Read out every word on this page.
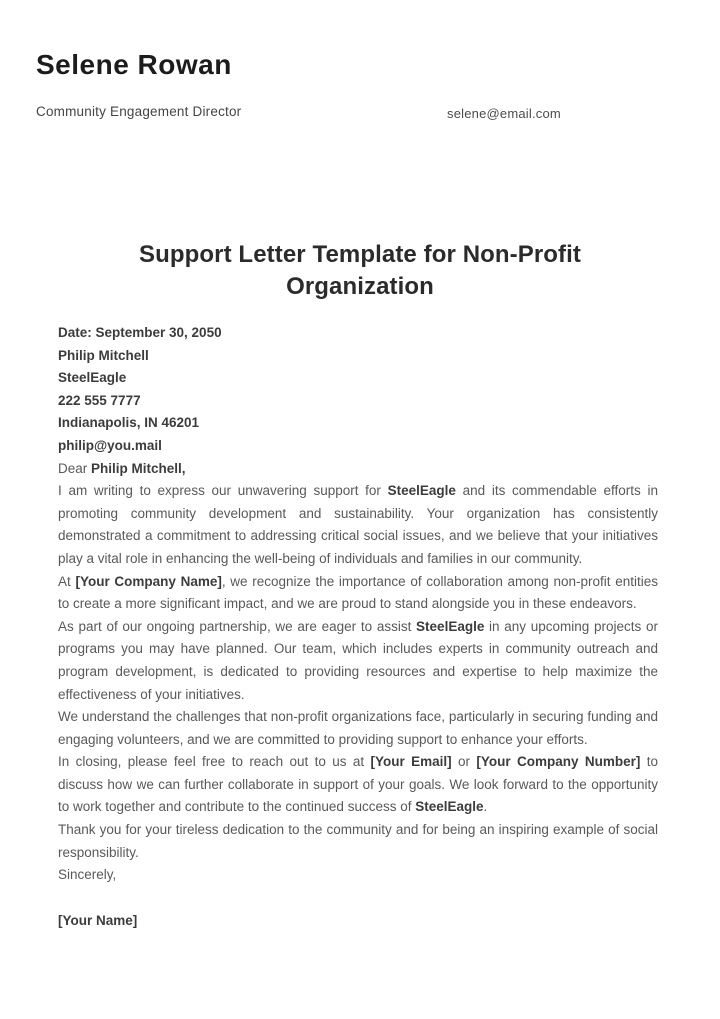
Selene Rowan
Community Engagement Director	selene@email.com
Support Letter Template for Non-Profit Organization
Date: September 30, 2050
Philip Mitchell
SteelEagle
222 555 7777
Indianapolis, IN 46201
philip@you.mail

Dear Philip Mitchell,

I am writing to express our unwavering support for SteelEagle and its commendable efforts in promoting community development and sustainability. Your organization has consistently demonstrated a commitment to addressing critical social issues, and we believe that your initiatives play a vital role in enhancing the well-being of individuals and families in our community.

At [Your Company Name], we recognize the importance of collaboration among non-profit entities to create a more significant impact, and we are proud to stand alongside you in these endeavors.

As part of our ongoing partnership, we are eager to assist SteelEagle in any upcoming projects or programs you may have planned. Our team, which includes experts in community outreach and program development, is dedicated to providing resources and expertise to help maximize the effectiveness of your initiatives.

We understand the challenges that non-profit organizations face, particularly in securing funding and engaging volunteers, and we are committed to providing support to enhance your efforts.

In closing, please feel free to reach out to us at [Your Email] or [Your Company Number] to discuss how we can further collaborate in support of your goals. We look forward to the opportunity to work together and contribute to the continued success of SteelEagle.

Thank you for your tireless dedication to the community and for being an inspiring example of social responsibility.

Sincerely,

[Your Name]
